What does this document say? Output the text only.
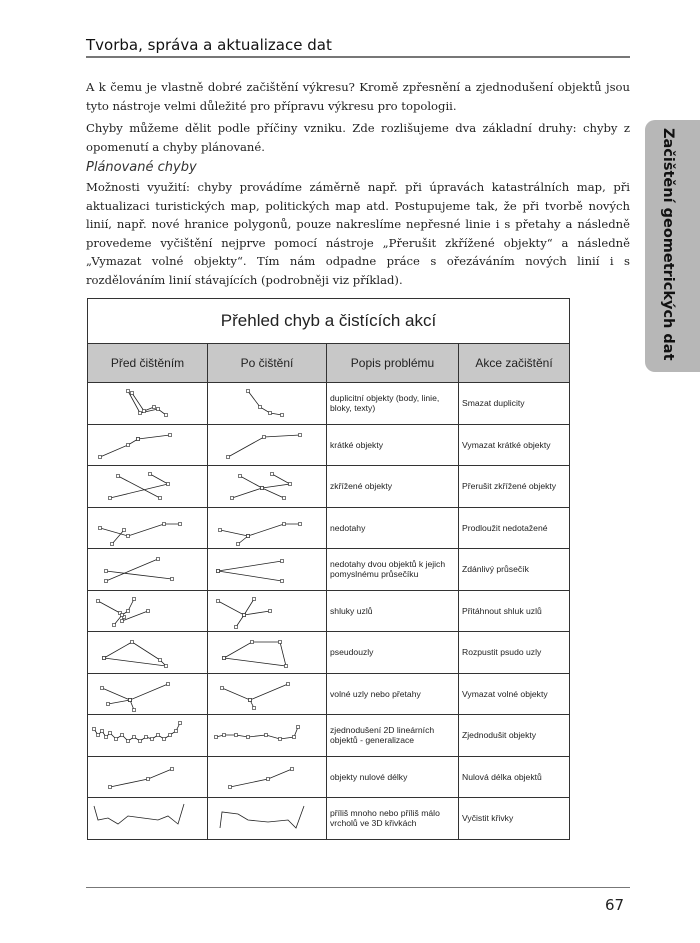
Tvorba, správa a aktualizace dat
Začištění geometrických dat
A k čemu je vlastně dobré začištění výkresu? Kromě zpřesnění a zjednodušení objektů jsou tyto nástroje velmi důležité pro přípravu výkresu pro topologii.
Chyby můžeme dělit podle příčiny vzniku. Zde rozlišujeme dva základní druhy: chyby z opomenutí a chyby plánované.
Plánované chyby
Možnosti využití: chyby provádíme záměrně např. při úpravách katastrálních map, při aktualizaci turistických map, politických map atd. Postupujeme tak, že při tvorbě nových linií, např. nové hranice polygonů, pouze nakreslíme nepřesné linie i s přetahy a následně provedeme vyčištění nejprve pomocí nástroje „Přerušit zkřížené objekty“ a následně „Vymazat volné objekty“. Tím nám odpadne práce s ořezáváním nových linií i s rozdělováním linií stávajících (podrobněji viz příklad).
Přehled chyb a čistících akcí			
Před čištěním	Po čištění	Popis problému	Akce začištění

	duplicitní objekty (body, linie, bloky, texty)	Smazat duplicity

	krátké objekty	Vymazat krátké objekty

	zkřížené objekty	Přerušit zkřížené objekty

	nedotahy	Prodloužit nedotažené

	nedotahy dvou objektů k jejich pomyslnému průsečíku	Zdánlivý průsečík

	shluky uzlů	Přitáhnout shluk uzlů

	pseudouzly	Rozpustit psudo uzly

	volné uzly nebo přetahy	Vymazat volné objekty

	zjednodušení 2D lineárních objektů - generalizace	Zjednodušit objekty

	objekty nulové délky	Nulová délka objektů

	příliš mnoho nebo příliš málo vrcholů ve 3D křivkách	Vyčistit křivky
67
